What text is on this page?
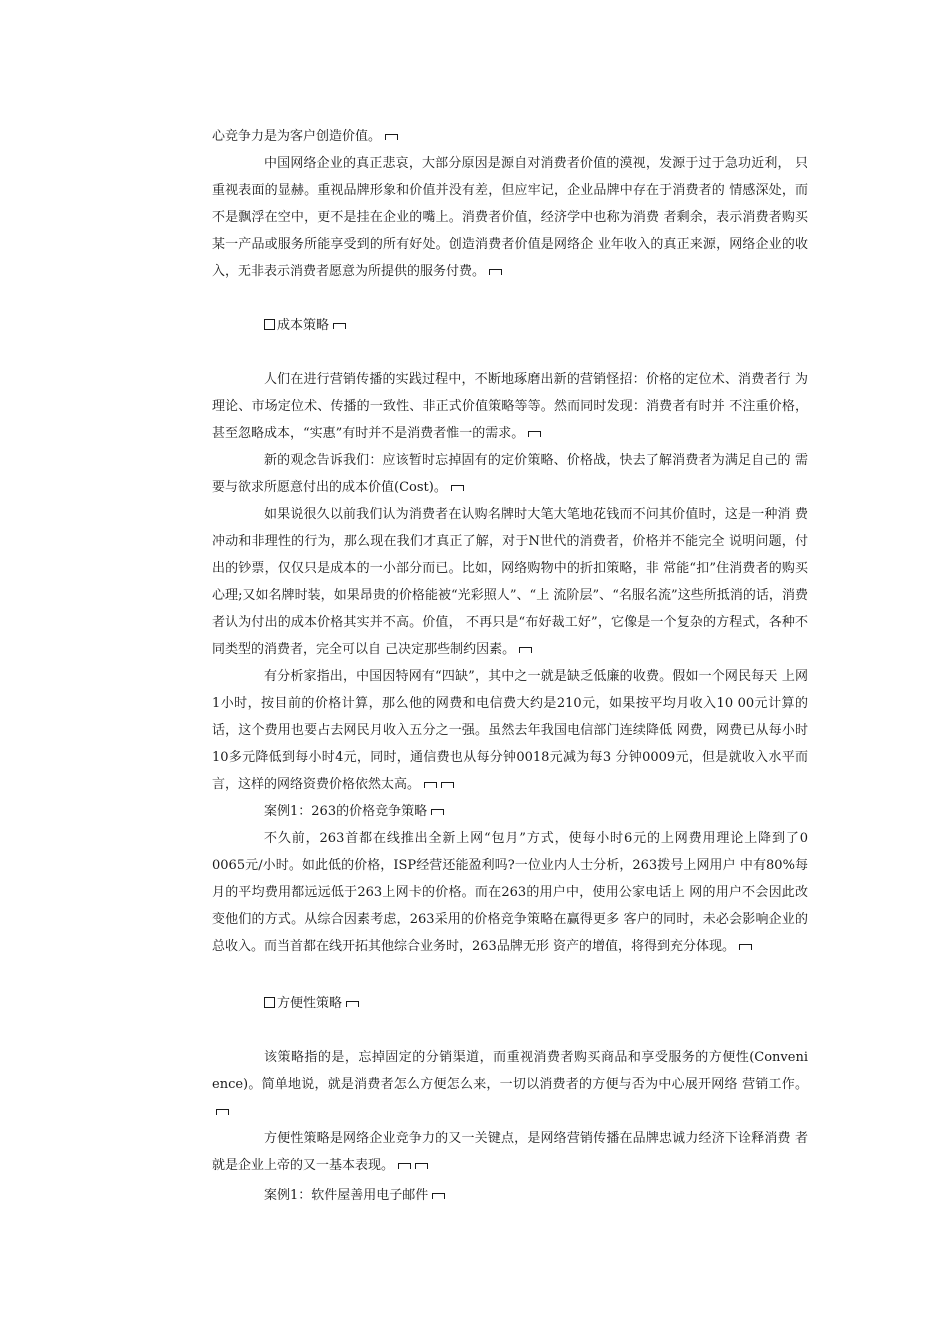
心竞争力是为客户创造价值。

中国网络企业的真正悲哀，大部分原因是源自对消费者价值的漠视，发源于过于急功近利， 只重视表面的显赫。重视品牌形象和价值并没有差，但应牢记，企业品牌中存在于消费者的 情感深处，而不是飘浮在空中，更不是挂在企业的嘴上。消费者价值，经济学中也称为消费 者剩余，表示消费者购买某一产品或服务所能享受到的所有好处。创造消费者价值是网络企 业年收入的真正来源，网络企业的收入，无非表示消费者愿意为所提供的服务付费。

成本策略

人们在进行营销传播的实践过程中，不断地琢磨出新的营销怪招：价格的定位术、消费者行 为理论、市场定位术、传播的一致性、非正式价值策略等等。然而同时发现：消费者有时并 不注重价格，甚至忽略成本，“实惠”有时并不是消费者惟一的需求。

新的观念告诉我们：应该暂时忘掉固有的定价策略、价格战，快去了解消费者为满足自己的 需要与欲求所愿意付出的成本价值(Cost)。

如果说很久以前我们认为消费者在认购名牌时大笔大笔地花钱而不问其价值时，这是一种消 费冲动和非理性的行为，那么现在我们才真正了解，对于N世代的消费者，价格并不能完全 说明问题，付出的钞票，仅仅只是成本的一小部分而已。比如，网络购物中的折扣策略，非 常能“扣”住消费者的购买心理;又如名牌时装，如果昂贵的价格能被“光彩照人”、“上 流阶层”、“名服名流”这些所抵消的话，消费者认为付出的成本价格其实并不高。价值， 不再只是“布好裁工好”，它像是一个复杂的方程式，各种不同类型的消费者，完全可以自 己决定那些制约因素。

有分析家指出，中国因特网有“四缺”，其中之一就是缺乏低廉的收费。假如一个网民每天 上网1小时，按目前的价格计算，那么他的网费和电信费大约是210元，如果按平均月收入10 00元计算的话，这个费用也要占去网民月收入五分之一强。虽然去年我国电信部门连续降低 网费，网费已从每小时10多元降低到每小时4元，同时，通信费也从每分钟0018元减为每3 分钟0009元，但是就收入水平而言，这样的网络资费价格依然太高。

案例1：263的价格竞争策略

不久前，263首都在线推出全新上网“包月”方式，使每小时6元的上网费用理论上降到了0 0065元/小时。如此低的价格，ISP经营还能盈利吗?一位业内人士分析，263拨号上网用户 中有80%每月的平均费用都远远低于263上网卡的价格。而在263的用户中，使用公家电话上 网的用户不会因此改变他们的方式。从综合因素考虑，263采用的价格竞争策略在赢得更多 客户的同时，未必会影响企业的总收入。而当首都在线开拓其他综合业务时，263品牌无形 资产的增值，将得到充分体现。

方便性策略

该策略指的是，忘掉固定的分销渠道，而重视消费者购买商品和享受服务的方便性(Conveni ence)。简单地说，就是消费者怎么方便怎么来，一切以消费者的方便与否为中心展开网络 营销工作。

方便性策略是网络企业竞争力的又一关键点，是网络营销传播在品牌忠诚力经济下诠释消费 者就是企业上帝的又一基本表现。

案例1：软件屋善用电子邮件
